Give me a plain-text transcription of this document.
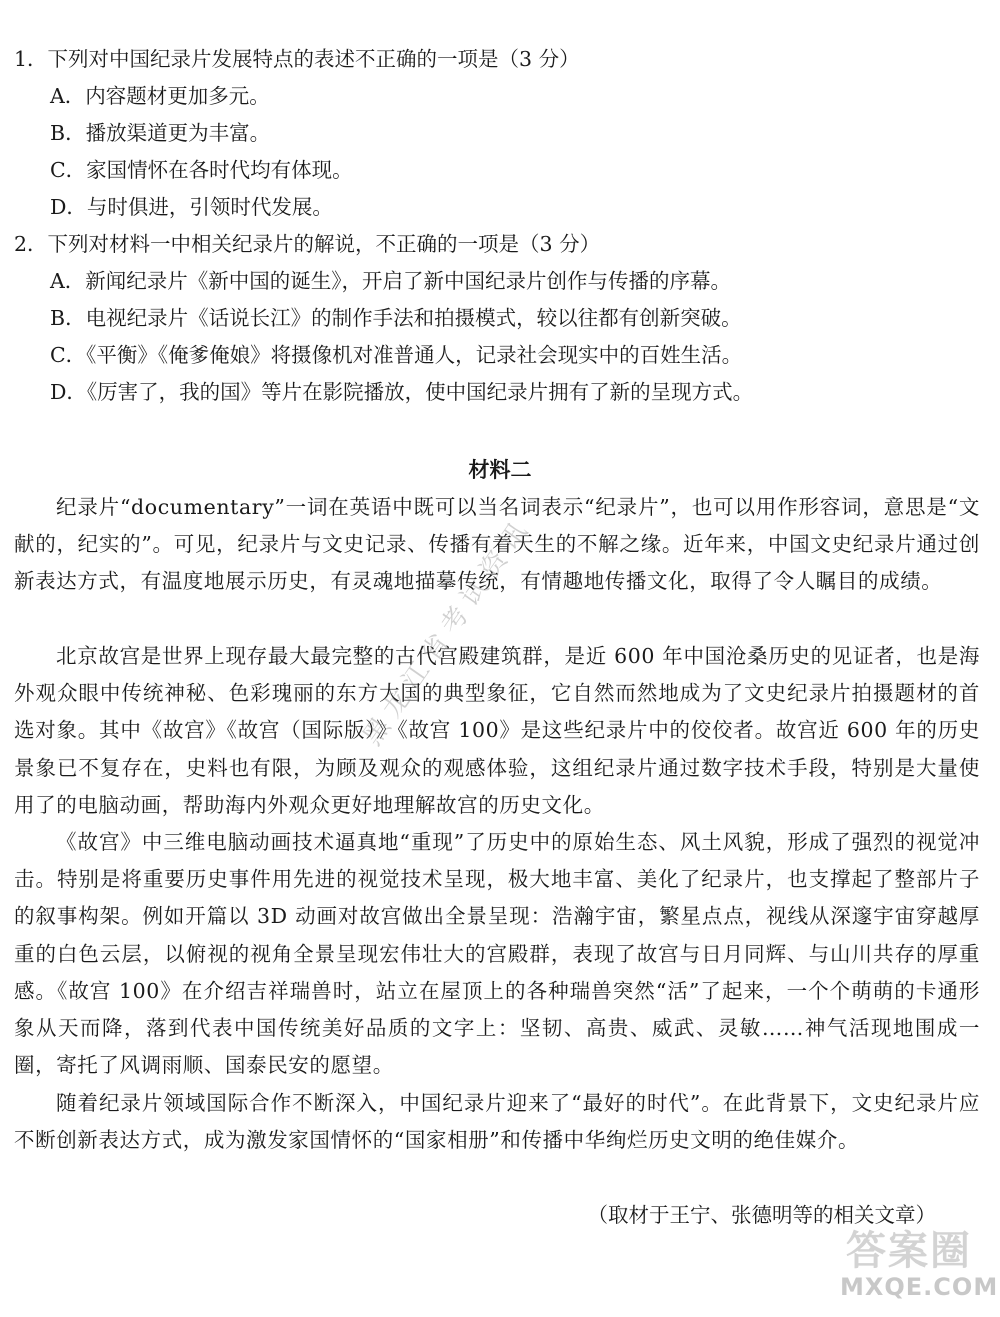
1．下列对中国纪录片发展特点的表述不正确的一项是（3 分）
A．内容题材更加多元。
B．播放渠道更为丰富。
C．家国情怀在各时代均有体现。
D．与时俱进，引领时代发展。
2．下列对材料一中相关纪录片的解说，不正确的一项是（3 分）
A．新闻纪录片《新中国的诞生》，开启了新中国纪录片创作与传播的序幕。
B．电视纪录片《话说长江》的制作手法和拍摄模式，较以往都有创新突破。
C．《平衡》《俺爹俺娘》将摄像机对准普通人，记录社会现实中的百姓生活。
D．《厉害了，我的国》等片在影院播放，使中国纪录片拥有了新的呈现方式。
材料二
纪录片“documentary”一词在英语中既可以当名词表示“纪录片”，也可以用作形容词，意思是“文献的，纪实的”。可见，纪录片与文史记录、传播有着天生的不解之缘。近年来，中国文史纪录片通过创新表达方式，有温度地展示历史，有灵魂地描摹传统，有情趣地传播文化，取得了令人瞩目的成绩。
北京故宫是世界上现存最大最完整的古代宫殿建筑群，是近 600 年中国沧桑历史的见证者，也是海外观众眼中传统神秘、色彩瑰丽的东方大国的典型象征，它自然而然地成为了文史纪录片拍摄题材的首选对象。其中《故宫》《故宫（国际版）》《故宫 100》是这些纪录片中的佼佼者。故宫近 600 年的历史景象已不复存在，史料也有限，为顾及观众的观感体验，这组纪录片通过数字技术手段，特别是大量使用了的电脑动画，帮助海内外观众更好地理解故宫的历史文化。
《故宫》中三维电脑动画技术逼真地“重现”了历史中的原始生态、风土风貌，形成了强烈的视觉冲击。特别是将重要历史事件用先进的视觉技术呈现，极大地丰富、美化了纪录片，也支撑起了整部片子的叙事构架。例如开篇以 3D 动画对故宫做出全景呈现：浩瀚宇宙，繁星点点，视线从深邃宇宙穿越厚重的白色云层，以俯视的视角全景呈现宏伟壮大的宫殿群，表现了故宫与日月同辉、与山川共存的厚重感。《故宫 100》在介绍吉祥瑞兽时，站立在屋顶上的各种瑞兽突然“活”了起来，一个个萌萌的卡通形象从天而降，落到代表中国传统美好品质的文字上：坚韧、高贵、威武、灵敏……神气活现地围成一圈，寄托了风调雨顺、国泰民安的愿望。
随着纪录片领域国际合作不断深入，中国纪录片迎来了“最好的时代”。在此背景下，文史纪录片应不断创新表达方式，成为激发家国情怀的“国家相册”和传播中华绚烂历史文明的绝佳媒介。
（取材于王宁、张德明等的相关文章）
黑龙江省考试资讯
答案圈
MXQE.COM
